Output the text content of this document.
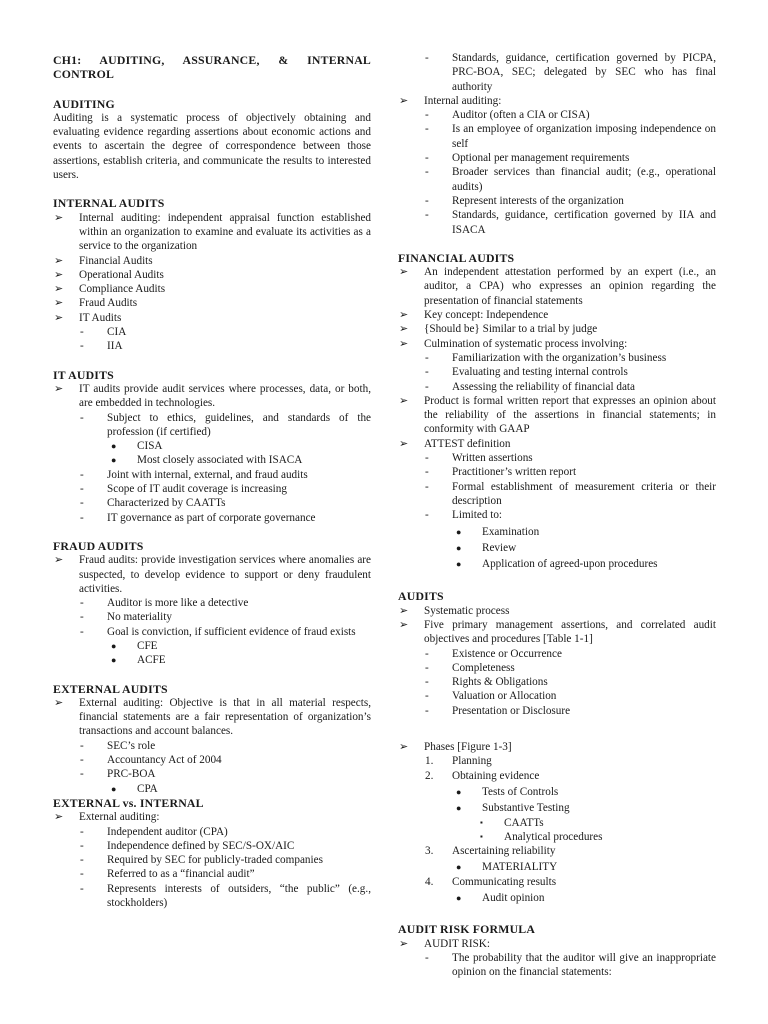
CH1: AUDITING, ASSURANCE, & INTERNAL
CONTROL
AUDITING
Auditing is a systematic process of objectively obtaining and evaluating evidence regarding assertions about economic actions and events to ascertain the degree of correspondence between those assertions, establish criteria, and communicate the results to interested users.
INTERNAL AUDITS
➢ Internal auditing: independent appraisal function established within an organization to examine and evaluate its activities as a service to the organization
➢ Financial Audits
➢ Operational Audits
➢ Compliance Audits
➢ Fraud Audits
➢ IT Audits
- CIA
- IIA
IT AUDITS
➢ IT audits provide audit services where processes, data, or both, are embedded in technologies.
- Subject to ethics, guidelines, and standards of the profession (if certified)
● CISA
● Most closely associated with ISACA
- Joint with internal, external, and fraud audits
- Scope of IT audit coverage is increasing
- Characterized by CAATTs
- IT governance as part of corporate governance
FRAUD AUDITS
➢ Fraud audits: provide investigation services where anomalies are suspected, to develop evidence to support or deny fraudulent activities.
- Auditor is more like a detective
- No materiality
- Goal is conviction, if sufficient evidence of fraud exists
● CFE
● ACFE
EXTERNAL AUDITS
➢ External auditing: Objective is that in all material respects, financial statements are a fair representation of organization’s transactions and account balances.
- SEC’s role
- Accountancy Act of 2004
- PRC-BOA
● CPA
EXTERNAL vs. INTERNAL
➢ External auditing:
- Independent auditor (CPA)
- Independence defined by SEC/S-OX/AIC
- Required by SEC for publicly-traded companies
- Referred to as a “financial audit”
- Represents interests of outsiders, “the public” (e.g., stockholders)
- Standards, guidance, certification governed by PICPA, PRC-BOA, SEC; delegated by SEC who has final authority
➢ Internal auditing:
- Auditor (often a CIA or CISA)
- Is an employee of organization imposing independence on self
- Optional per management requirements
- Broader services than financial audit; (e.g., operational audits)
- Represent interests of the organization
- Standards, guidance, certification governed by IIA and ISACA
FINANCIAL AUDITS
➢ An independent attestation performed by an expert (i.e., an auditor, a CPA) who expresses an opinion regarding the presentation of financial statements
➢ Key concept: Independence
➢ {Should be} Similar to a trial by judge
➢ Culmination of systematic process involving:
- Familiarization with the organization’s business
- Evaluating and testing internal controls
- Assessing the reliability of financial data
➢ Product is formal written report that expresses an opinion about the reliability of the assertions in financial statements; in conformity with GAAP
➢ ATTEST definition
- Written assertions
- Practitioner’s written report
- Formal establishment of measurement criteria or their description
- Limited to:
● Examination
● Review
● Application of agreed-upon procedures
AUDITS
➢ Systematic process
➢ Five primary management assertions, and correlated audit objectives and procedures [Table 1-1]
- Existence or Occurrence
- Completeness
- Rights & Obligations
- Valuation or Allocation
- Presentation or Disclosure
➢ Phases [Figure 1-3]
1. Planning
2. Obtaining evidence
● Tests of Controls
● Substantive Testing
▪ CAATTs
▪ Analytical procedures
3. Ascertaining reliability
● MATERIALITY
4. Communicating results
● Audit opinion
AUDIT RISK FORMULA
➢ AUDIT RISK:
- The probability that the auditor will give an inappropriate opinion on the financial statements:
